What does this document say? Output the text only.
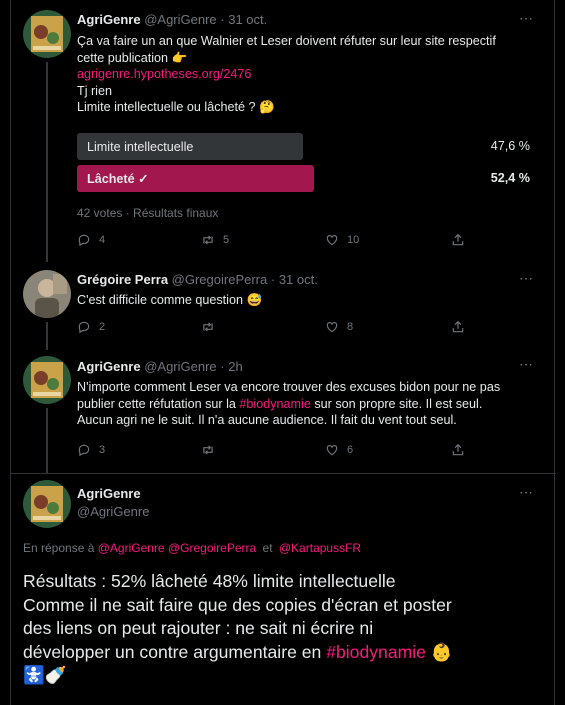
AgriGenre @AgriGenre · 31 oct.	⋯
Ça va faire un an que Walnier et Leser doivent réfuter sur leur site respectif
cette publication 👉
agrigenre.hypotheses.org/2476
Tj rien
Limite intellectuelle ou lâcheté ? 🤔
Limite intellectuelle	47,6 %
Lâcheté ✓	52,4 %
42 votes · Résultats finaux
4	5	10
Grégoire Perra @GregoirePerra · 31 oct.	⋯
C'est difficile comme question 😅
2	8
AgriGenre @AgriGenre · 2h	⋯
N'importe comment Leser va encore trouver des excuses bidon pour ne pas
publier cette réfutation sur la #biodynamie sur son propre site. Il est seul.
Aucun agri ne le suit. Il n'a aucune audience. Il fait du vent tout seul.
3	6
AgriGenre
@AgriGenre
⋯
En réponse à @AgriGenre @GregoirePerra et @KartapussFR
Résultats : 52% lâcheté 48% limite intellectuelle
Comme il ne sait faire que des copies d'écran et poster
des liens on peut rajouter : ne sait ni écrire ni
développer un contre argumentaire en #biodynamie 👶
🚼🍼
